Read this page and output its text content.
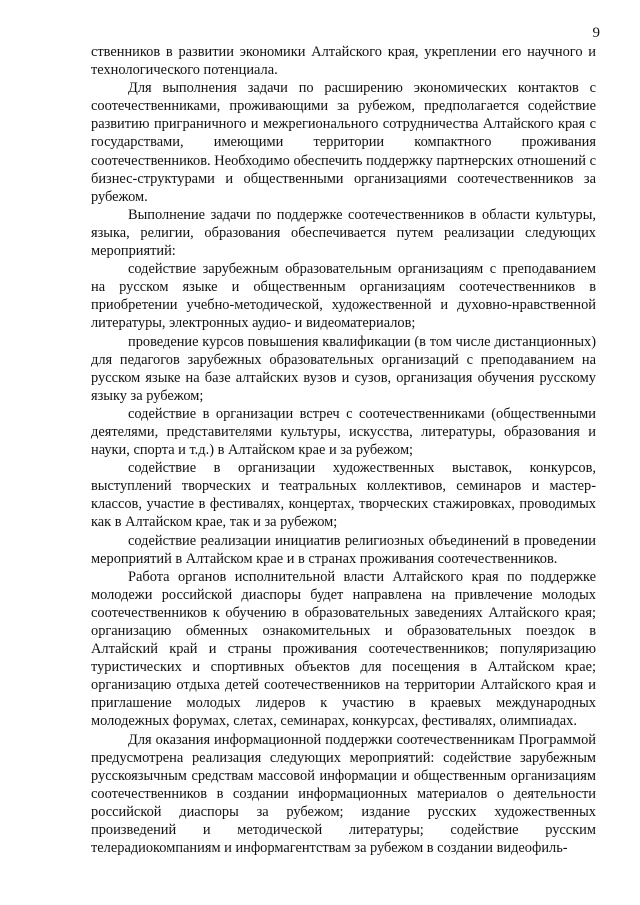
9

ственников в развитии экономики Алтайского края, укреплении его научного и технологического потенциала.

Для выполнения задачи по расширению экономических контактов с соотечественниками, проживающими за рубежом, предполагается содействие развитию приграничного и межрегионального сотрудничества Алтайского края с государствами, имеющими территории компактного проживания соотечественников. Необходимо обеспечить поддержку партнерских отношений с бизнес-структурами и общественными организациями соотечественников за рубежом.

Выполнение задачи по поддержке соотечественников в области культуры, языка, религии, образования обеспечивается путем реализации следующих мероприятий:

содействие зарубежным образовательным организациям с преподаванием на русском языке и общественным организациям соотечественников в приобретении учебно-методической, художественной и духовно-нравственной литературы, электронных аудио- и видеоматериалов;

проведение курсов повышения квалификации (в том числе дистанционных) для педагогов зарубежных образовательных организаций с преподаванием на русском языке на базе алтайских вузов и сузов, организация обучения русскому языку за рубежом;

содействие в организации встреч с соотечественниками (общественными деятелями, представителями культуры, искусства, литературы, образования и науки, спорта и т.д.) в Алтайском крае и за рубежом;

содействие в организации художественных выставок, конкурсов, выступлений творческих и театральных коллективов, семинаров и мастер-классов, участие в фестивалях, концертах, творческих стажировках, проводимых как в Алтайском крае, так и за рубежом;

содействие реализации инициатив религиозных объединений в проведении мероприятий в Алтайском крае и в странах проживания соотечественников.

Работа органов исполнительной власти Алтайского края по поддержке молодежи российской диаспоры будет направлена на привлечение молодых соотечественников к обучению в образовательных заведениях Алтайского края; организацию обменных ознакомительных и образовательных поездок в Алтайский край и страны проживания соотечественников; популяризацию туристических и спортивных объектов для посещения в Алтайском крае; организацию отдыха детей соотечественников на территории Алтайского края и приглашение молодых лидеров к участию в краевых международных молодежных форумах, слетах, семинарах, конкурсах, фестивалях, олимпиадах.

Для оказания информационной поддержки соотечественникам Программой предусмотрена реализация следующих мероприятий: содействие зарубежным русскоязычным средствам массовой информации и общественным организациям соотечественников в создании информационных материалов о деятельности российской диаспоры за рубежом; издание русских художественных произведений и методической литературы; содействие русским телерадиокомпаниям и информагентствам за рубежом в создании видеофиль-
